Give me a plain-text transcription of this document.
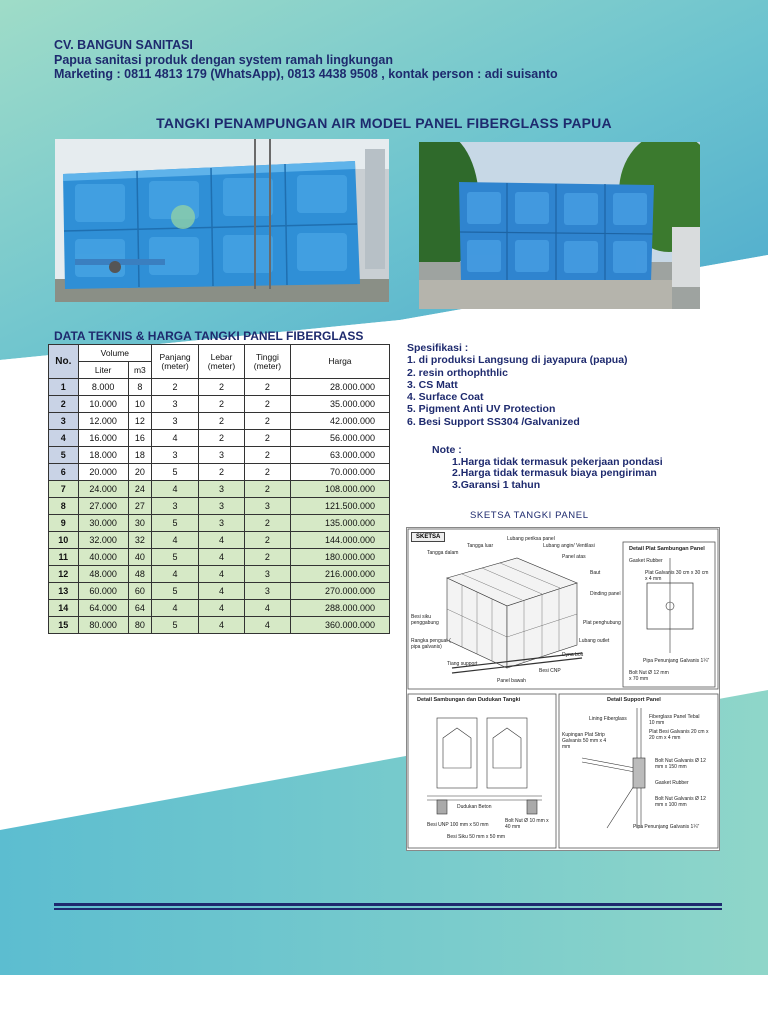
CV. BANGUN SANITASI
Papua sanitasi produk dengan system ramah lingkungan
Marketing : 0811 4813 179 (WhatsApp), 0813 4438 9508 , kontak person : adi suisanto
TANGKI PENAMPUNGAN AIR MODEL PANEL FIBERGLASS PAPUA
DATA TEKNIS & HARGA TANGKI PANEL FIBERGLASS
No.	Volume		Panjang (meter)	Lebar (meter)	Tinggi (meter)	Harga
	Liter	m3				
1	8.000	8	2	2	2	28.000.000
2	10.000	10	3	2	2	35.000.000
3	12.000	12	3	2	2	42.000.000
4	16.000	16	4	2	2	56.000.000
5	18.000	18	3	3	2	63.000.000
6	20.000	20	5	2	2	70.000.000
7	24.000	24	4	3	2	108.000.000
8	27.000	27	3	3	3	121.500.000
9	30.000	30	5	3	2	135.000.000
10	32.000	32	4	4	2	144.000.000
11	40.000	40	5	4	2	180.000.000
12	48.000	48	4	4	3	216.000.000
13	60.000	60	5	4	3	270.000.000
14	64.000	64	4	4	4	288.000.000
15	80.000	80	5	4	4	360.000.000
Spesifikasi :
1. di produksi Langsung di jayapura (papua)
2. resin orthophthlic
3. CS Matt
4. Surface Coat
5. Pigment Anti UV Protection
6. Besi Support SS304 /Galvanized
Note :
1.Harga tidak termasuk pekerjaan pondasi
2.Harga tidak termasuk biaya pengiriman
3.Garansi 1 tahun
SKETSA TANGKI PANEL
SKETSA
Detail Plat Sambungan Panel
Detail Sambungan dan Dudukan Tangki	Detail Support Panel
Lubang periksa panel
Tangga luar	Lubang angin/ Ventilasi
Tangga dalam
Panel atas
Baut
Dinding panel
Besi siku penggabung	Plat penghubung
Rangka penguat ( pipa galvanis)
Lubang outlet
Dyna bolt
Tiang support
Besi CNP
Panel bawah
Gasket Rubber
Plat Galvanis 30 cm x 30 cm x 4 mm
Pipa Penunjang Galvanis 1¼"
Bolt Nut Ø 12 mm x 70 mm
Dudukan Beton
Besi UNP 100 mm x 50 mm
Besi Siku 50 mm x 50 mm
Bolt Nut Ø 10 mm x 40 mm
Lining Fiberglass	Fiberglass Panel Tebal 10 mm
Plat Besi Galvanis 20 cm x 20 cm x 4 mm
Kupingan Plat Strip Galvanis 50 mm x 4 mm
Bolt Nut Galvanis Ø 12 mm x 150 mm
Gasket Rubber
Bolt Nut Galvanis Ø 12 mm x 100 mm
Pipa Penunjang Galvanis 1¼"
